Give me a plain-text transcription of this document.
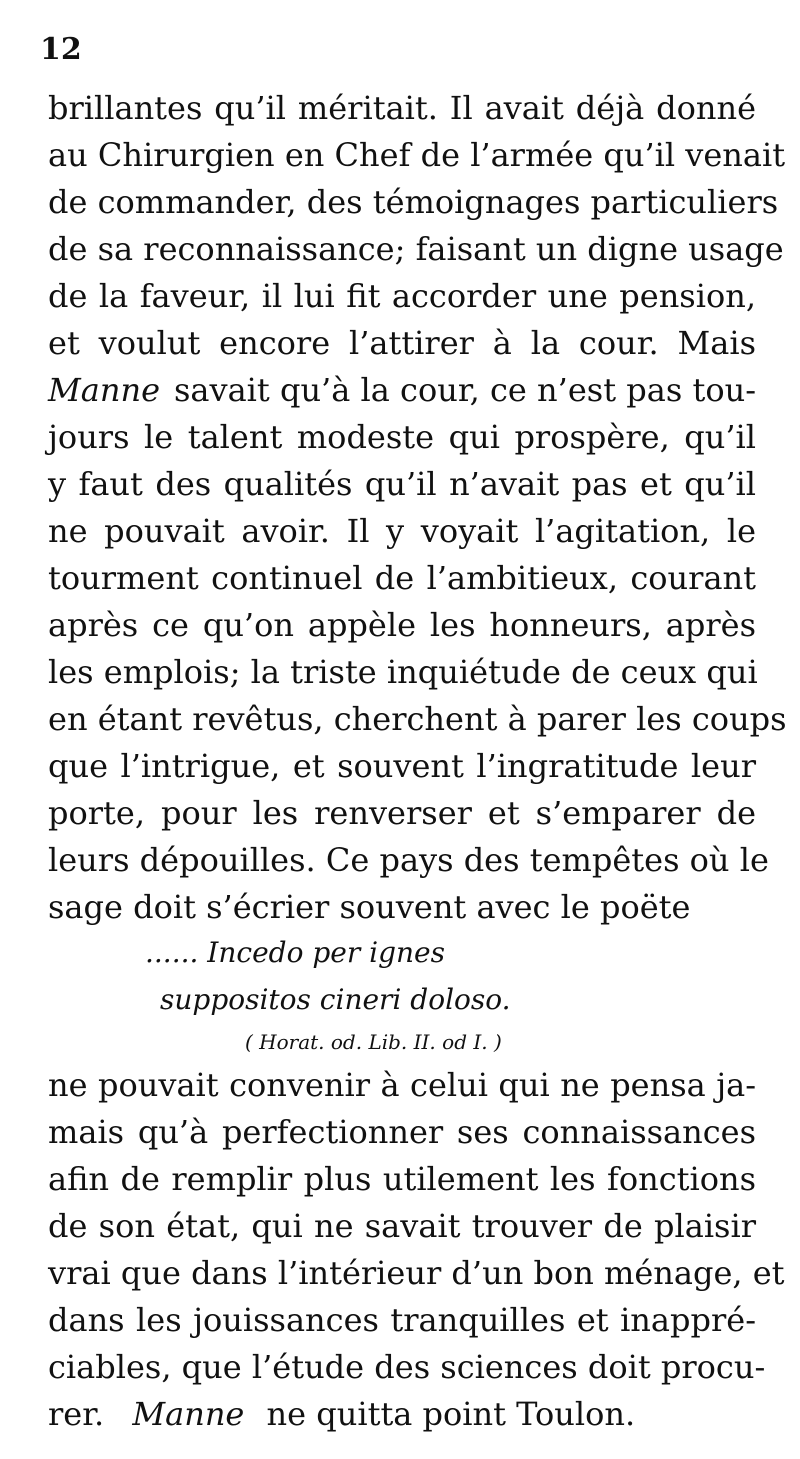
12
brillantes qu’il méritait. Il avait déjà donné
au Chirurgien en Chef de l’armée qu’il venait
de commander, des témoignages particuliers
de sa reconnaissance; faisant un digne usage
de la faveur, il lui fit accorder une pension,
et voulut encore l’attirer à la cour. Mais
Manne savait qu’à la cour, ce n’est pas tou-
jours le talent modeste qui prospère, qu’il
y faut des qualités qu’il n’avait pas et qu’il
ne pouvait avoir. Il y voyait l’agitation, le
tourment continuel de l’ambitieux, courant
après ce qu’on appèle les honneurs, après
les emplois; la triste inquiétude de ceux qui
en étant revêtus, cherchent à parer les coups
que l’intrigue, et souvent l’ingratitude leur
porte, pour les renverser et s’emparer de
leurs dépouilles. Ce pays des tempêtes où le
sage doit s’écrier souvent avec le poëte
...... Incedo per ignes
suppositos cineri doloso.
( Horat. od. Lib. II. od I. )
ne pouvait convenir à celui qui ne pensa ja-
mais qu’à perfectionner ses connaissances
afin de remplir plus utilement les fonctions
de son état, qui ne savait trouver de plaisir
vrai que dans l’intérieur d’un bon ménage, et
dans les jouissances tranquilles et inappré-
ciables, que l’étude des sciences doit procu-
rer. Manne ne quitta point Toulon.
